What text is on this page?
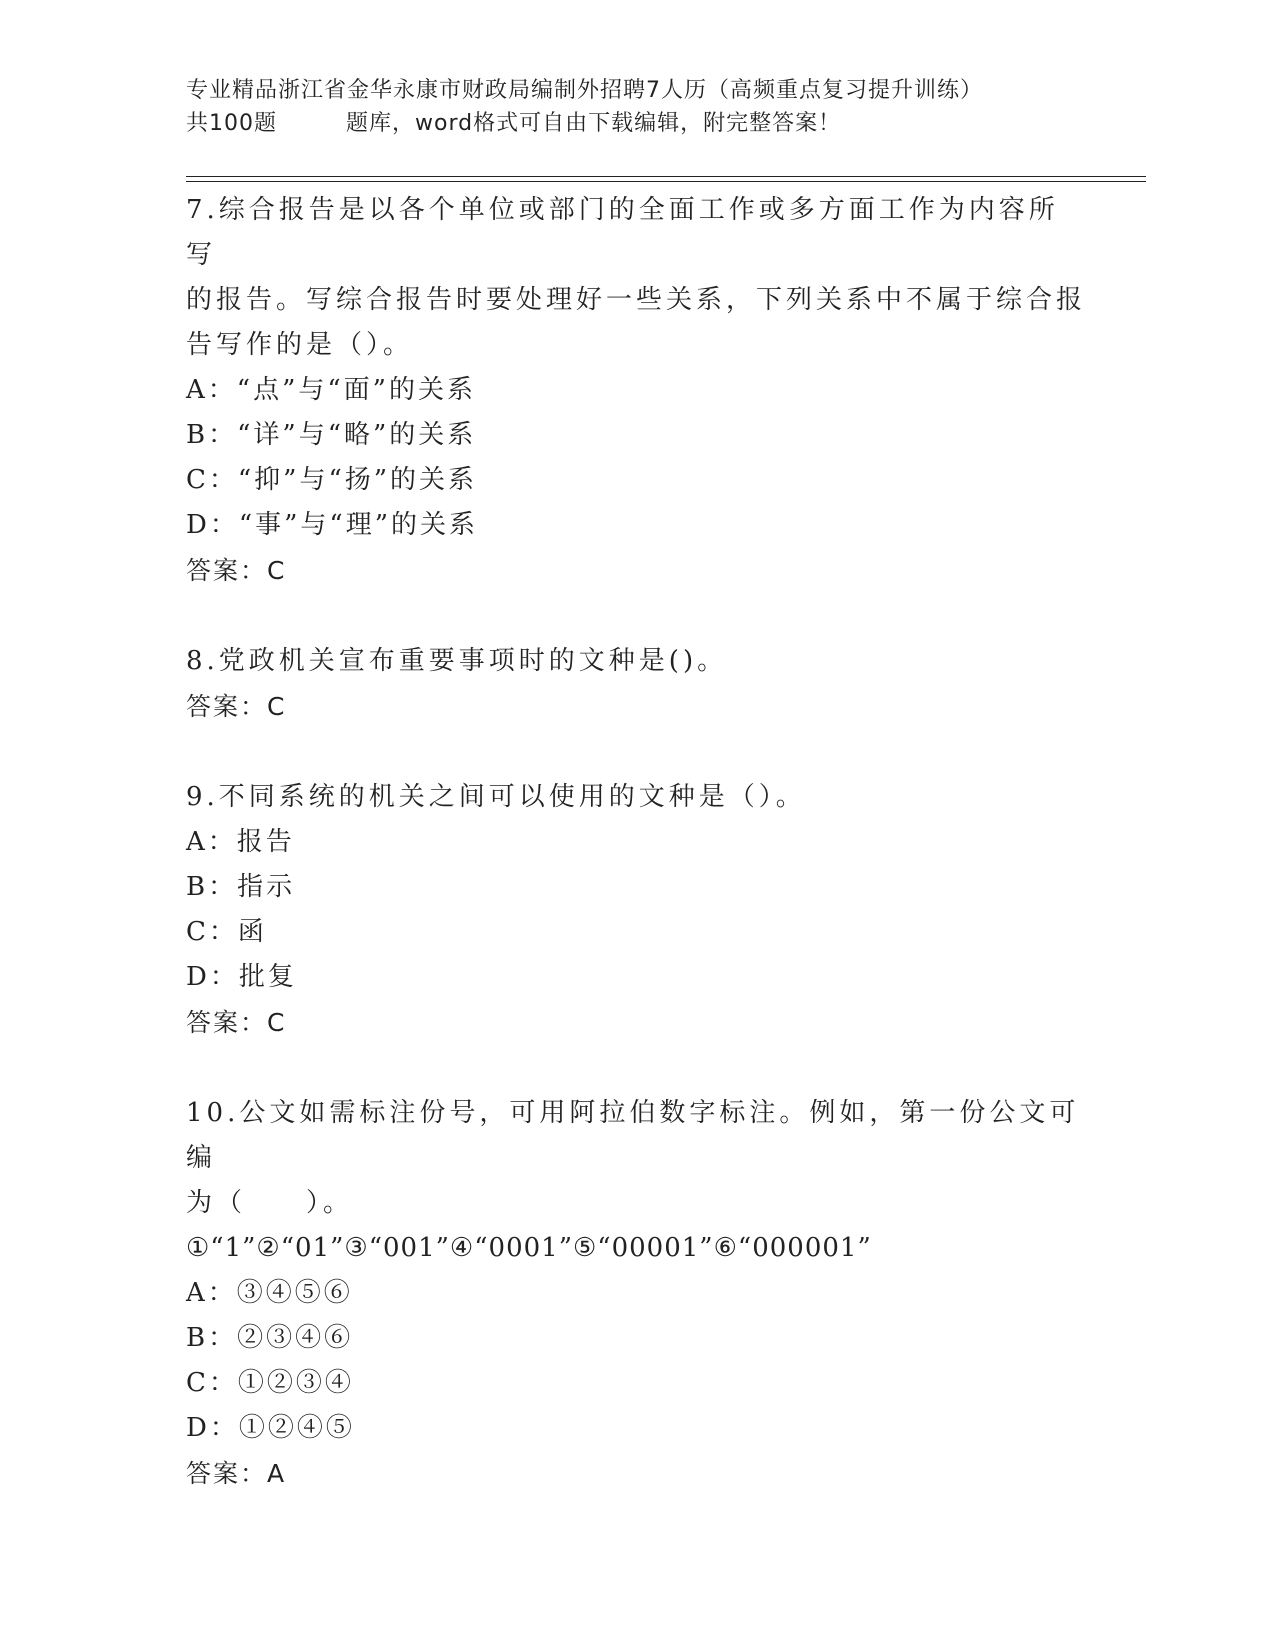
专业精品浙江省金华永康市财政局编制外招聘7人历（高频重点复习提升训练）
共100题	题库，word格式可自由下载编辑，附完整答案！
7.综合报告是以各个单位或部门的全面工作或多方面工作为内容所写
的报告。写综合报告时要处理好一些关系，下列关系中不属于综合报
告写作的是（）。
A：“点”与“面”的关系
B：“详”与“略”的关系
C：“抑”与“扬”的关系
D：“事”与“理”的关系
答案：C
8.党政机关宣布重要事项时的文种是()。
答案：C
9.不同系统的机关之间可以使用的文种是（）。
A：报告
B：指示
C：函
D：批复
答案：C
10.公文如需标注份号，可用阿拉伯数字标注。例如，第一份公文可编
为（　　）。
①“1”②“01”③“001”④“0001”⑤“00001”⑥“000001”
A：③④⑤⑥
B：②③④⑥
C：①②③④
D：①②④⑤
答案：A
